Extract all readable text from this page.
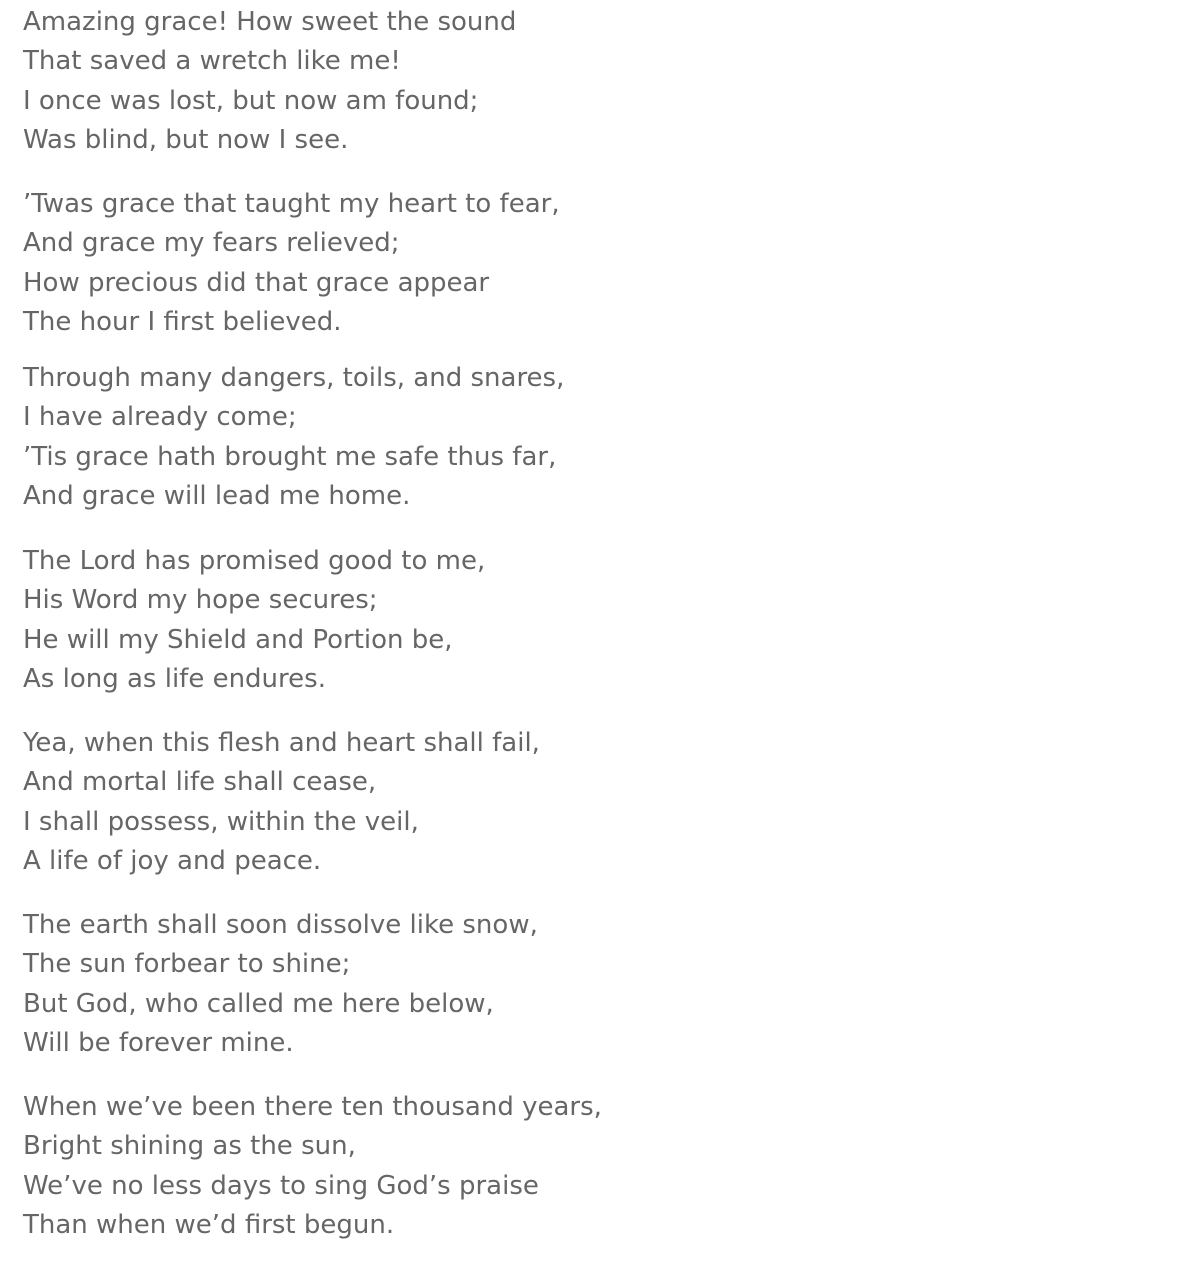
Amazing grace! How sweet the sound
That saved a wretch like me!
I once was lost, but now am found;
Was blind, but now I see.
’Twas grace that taught my heart to fear,
And grace my fears relieved;
How precious did that grace appear
The hour I first believed.
Through many dangers, toils, and snares,
I have already come;
’Tis grace hath brought me safe thus far,
And grace will lead me home.
The Lord has promised good to me,
His Word my hope secures;
He will my Shield and Portion be,
As long as life endures.
Yea, when this flesh and heart shall fail,
And mortal life shall cease,
I shall possess, within the veil,
A life of joy and peace.
The earth shall soon dissolve like snow,
The sun forbear to shine;
But God, who called me here below,
Will be forever mine.
When we’ve been there ten thousand years,
Bright shining as the sun,
We’ve no less days to sing God’s praise
Than when we’d first begun.
